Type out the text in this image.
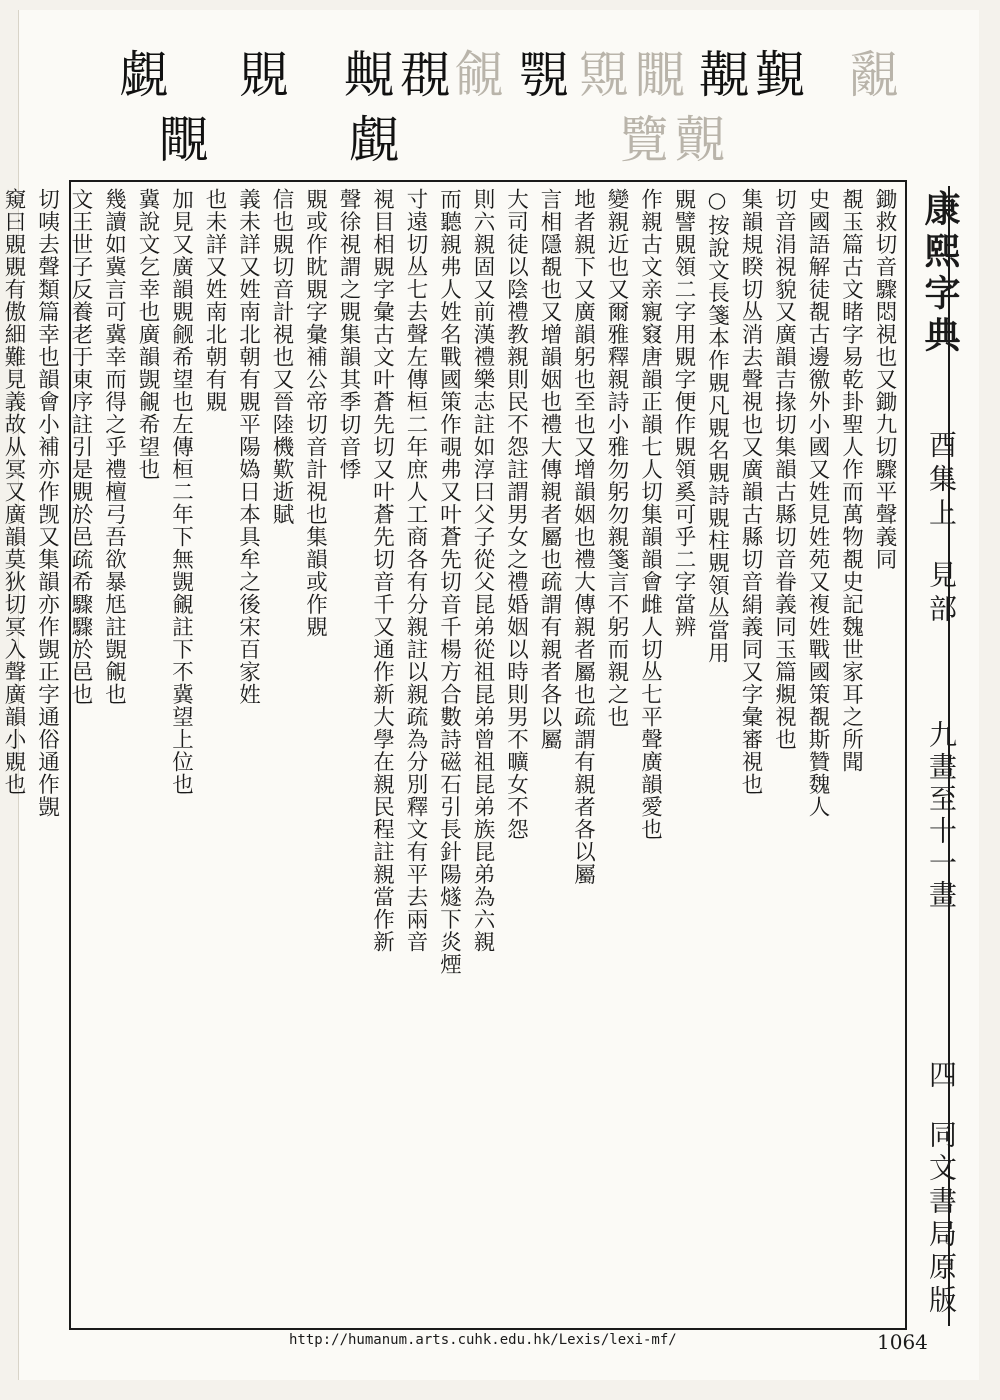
覷 覞 覥覠
覦 覨 覭覵 覯覲 覶
覸	覰	覽覿
鋤救切音驟悶視也又鋤九切驟平聲義同
覩玉篇古文睹字易乾卦聖人作而萬物覩史記魏世家耳之所聞
史國語解徒覩古邊徼外小國又姓見姓苑又複姓戰國策覩斯贊魏人
切音涓視貌又廣韻吉掾切集韻古縣切音眷義同玉篇覜視也
集韻規睽切丛消去聲視也又廣韻古縣切音絹義同又字彙審視也
○按說文長箋本作覞凡覞名覞詩覞柱覞領丛當用
覞譬覞領二字用覞字便作覞領奚可乎二字當辨
作親古文亲寴窡唐韻正韻七人切集韻韻會雌人切丛七平聲廣韻愛也
變親近也又爾雅釋親詩小雅勿躬勿親箋言不躬而親之也
地者親下又廣韻躬也至也又增韻姻也禮大傳親者屬也疏謂有親者各以屬
言相隱覩也又增韻姻也禮大傳親者屬也疏謂有親者各以屬
大司徒以陰禮教親則民不怨註謂男女之禮婚姻以時則男不曠女不怨
則六親固又前漢禮樂志註如淳曰父子從父昆弟從祖昆弟曾祖昆弟族昆弟為六親
而聽親弗人姓名戰國策作覗弗又叶蒼先切音千楊方合數詩磁石引長針陽燧下炎煙
寸遠切丛七去聲左傳桓二年庶人工商各有分親註以親疏為分別釋文有平去兩音
視目相覞字彙古文叶蒼先切又叶蒼先切音千又通作新大學在親民程註親當作新
聲徐視謂之覞集韻其季切音悸
覞或作眈覞字彙補公帝切音計視也集韻或作覞
信也覞切音計視也又晉陸機歎逝賦
義未詳又姓南北朝有覞平陽媯日本具牟之後宋百家姓
也未詳又姓南北朝有覞
加見又廣韻覞觎希望也左傳桓二年下無覬覦註下不冀望上位也
冀說文乞幸也廣韻覬覦希望也
幾讀如冀言可冀幸而得之乎禮檀弓吾欲暴尪註覬覦也
文王世子反養老于東序註引是覞於邑疏希驟驟於邑也
切咦去聲類篇幸也韻會小補亦作觊又集韻亦作覬正字通俗通作覬
窺曰覞覞有傲細難見義故从冥又廣韻莫狄切冥入聲廣韻小覞也	康熙字典
酉集上
見部
九畫至十一畫
四
同文書局原版
http://humanum.arts.cuhk.edu.hk/Lexis/lexi-mf/	1064
